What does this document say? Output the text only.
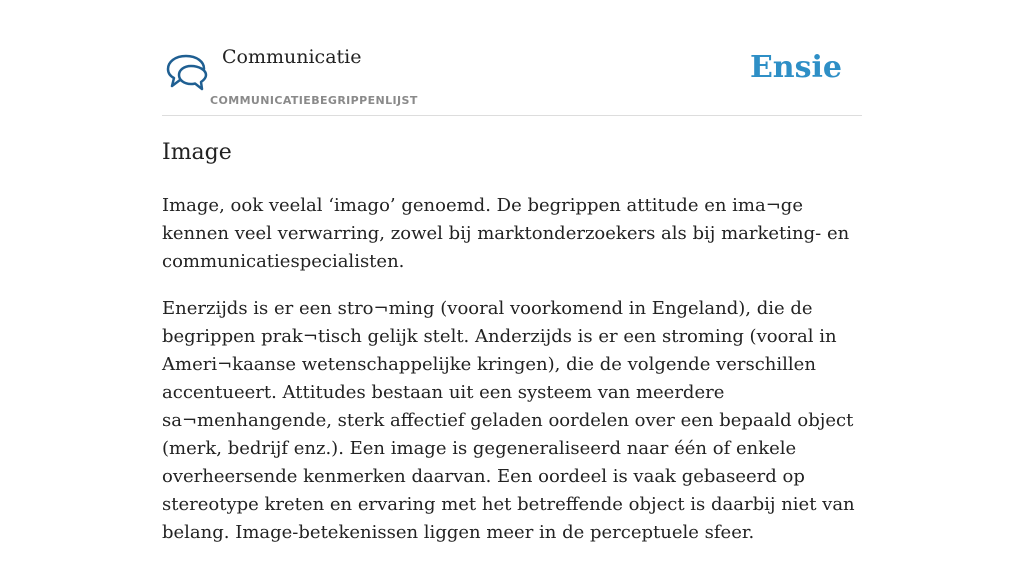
Communicatie
COMMUNICATIEBEGRIPPENLIJST
Ensie
Image

Image, ook veelal ‘imago’ genoemd. De begrippen attitude en ima¬ge kennen veel verwarring, zowel bij marktonderzoekers als bij marketing- en communicatiespecialisten.

Enerzijds is er een stro¬ming (vooral voorkomend in Engeland), die de begrippen prak¬tisch gelijk stelt. Anderzijds is er een stroming (vooral in Ameri¬kaanse wetenschappelijke kringen), die de volgende verschillen accentueert. Attitudes bestaan uit een systeem van meerdere sa¬menhangende, sterk affectief geladen oordelen over een bepaald object (merk, bedrijf enz.). Een image is gegeneraliseerd naar één of enkele overheersende kenmerken daarvan. Een oordeel is vaak gebaseerd op stereotype kreten en ervaring met het betreffende object is daarbij niet van belang. Image-betekenissen liggen meer in de perceptuele sfeer.
